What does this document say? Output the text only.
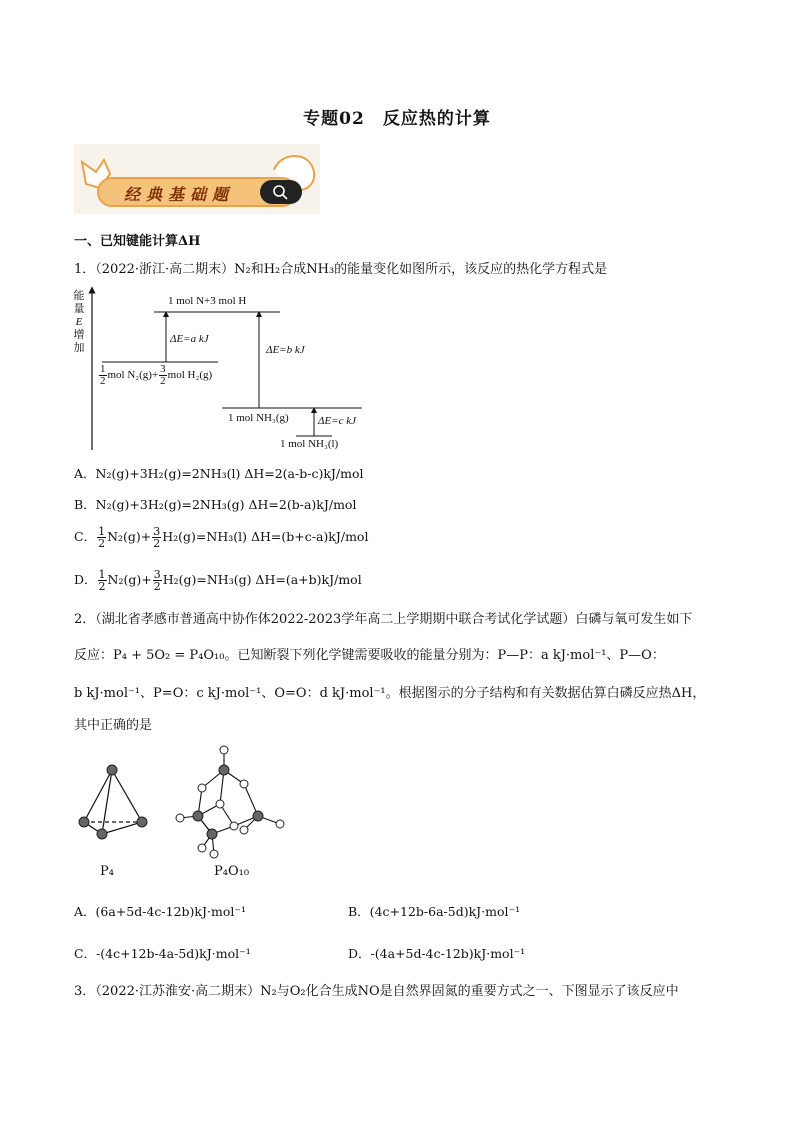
专题02　反应热的计算
经典基础题
一、已知键能计算ΔH
1．（2022·浙江·高二期末）N₂和H₂合成NH₃的能量变化如图所示，该反应的热化学方程式是
能
量
E
增
加
1 mol N+3 mol H
ΔE=a kJ
$\frac{1}{2}$ mol $N_2(g)+ \frac{3}{2}$ mol H₂(g)
ΔE=b kJ
1 mol NH₃(g)	ΔE=c kJ
1 mol NH₃(l)
A．N₂(g)+3H₂(g)=2NH₃(l) ΔH=2(a-b-c)kJ/mol
B．N₂(g)+3H₂(g)=2NH₃(g) ΔH=2(b-a)kJ/mol
C． $\frac{1}{2} N_2(g)+ \frac{3}{2} H_2(g)=NH_3(l)$ ΔH=(b+c-a)kJ/mol
D． $\frac{1}{2} N_2(g)+ \frac{3}{2} H_2(g)=NH_3(g)$ ΔH=(a+b)kJ/mol
2．（湖北省孝感市普通高中协作体2022-2023学年高二上学期期中联合考试化学试题）白磷与氧可发生如下
反应：P₄ + 5O₂ = P₄O₁₀。已知断裂下列化学键需要吸收的能量分别为：P—P：a kJ·mol⁻¹、P—O：
b kJ·mol⁻¹、P=O：c kJ·mol⁻¹、O=O：d kJ·mol⁻¹。根据图示的分子结构和有关数据估算白磷反应热ΔH，
其中正确的是
P₄	P₄O₁₀
A．(6a+5d-4c-12b)kJ·mol⁻¹	B．(4c+12b-6a-5d)kJ·mol⁻¹
C．-(4c+12b-4a-5d)kJ·mol⁻¹	D．-(4a+5d-4c-12b)kJ·mol⁻¹
3．（2022·江苏淮安·高二期末）N₂与O₂化合生成NO是自然界固氮的重要方式之一、下图显示了该反应中
